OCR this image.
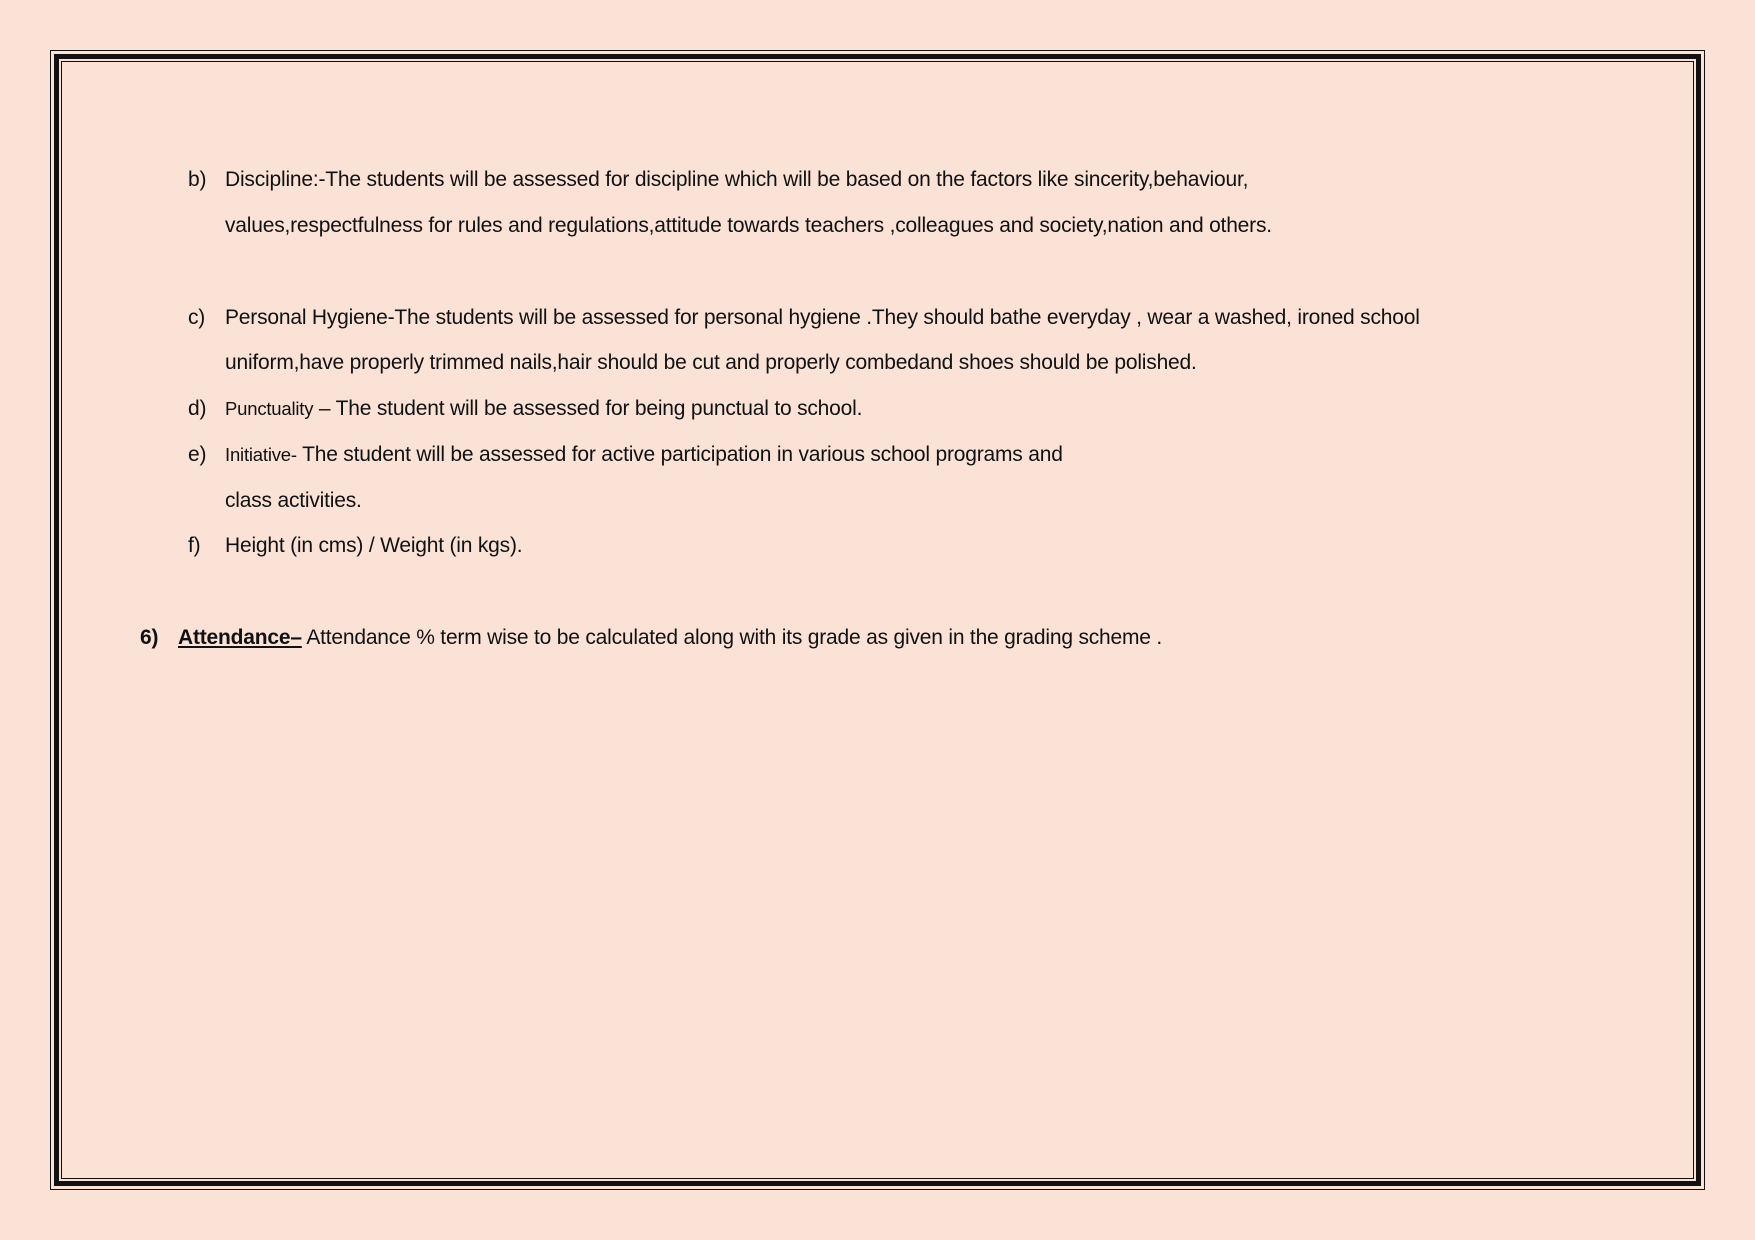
b) Discipline:-The students will be assessed for discipline which will be based on the factors like sincerity,behaviour,
values,respectfulness for rules and regulations,attitude towards teachers ,colleagues and society,nation and others.
c) Personal Hygiene-The students will be assessed for personal hygiene .They should bathe everyday , wear a washed, ironed school
uniform,have properly trimmed nails,hair should be cut and properly combedand shoes should be polished.
d) Punctuality – The student will be assessed for being punctual to school.
e) Initiative- The student will be assessed for active participation in various school programs and
class activities.
f) Height (in cms) / Weight (in kgs).
6) Attendance– Attendance % term wise to be calculated along with its grade as given in the grading scheme .
